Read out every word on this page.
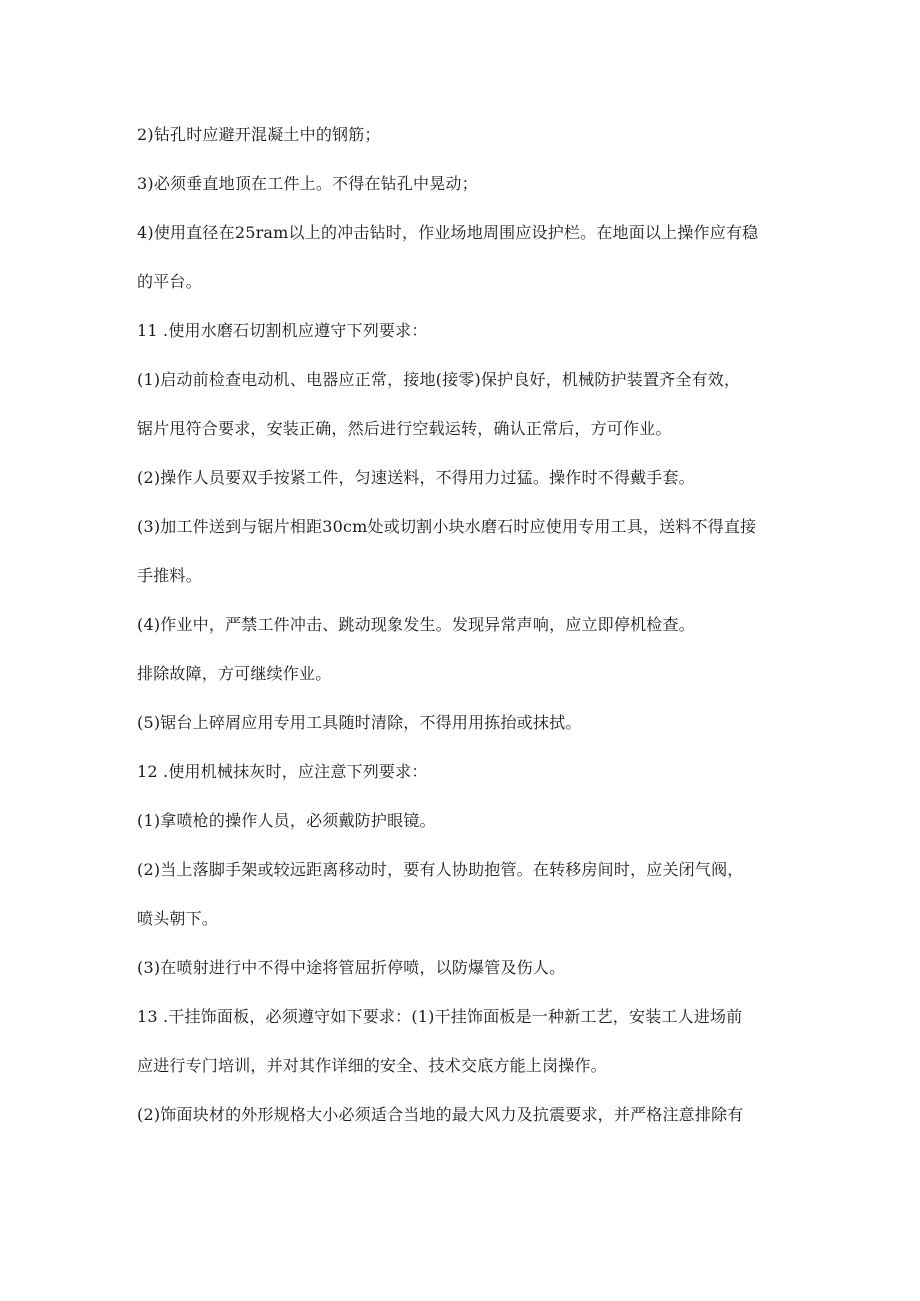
2)钻孔时应避开混凝土中的钢筋；
3)必须垂直地顶在工件上。不得在钻孔中晃动；
4)使用直径在25ram以上的冲击钻时，作业场地周围应设护栏。在地面以上操作应有稳
的平台。
11 .使用水磨石切割机应遵守下列要求：
(1)启动前检查电动机、电器应正常，接地(接零)保护良好，机械防护装置齐全有效，
锯片甩符合要求，安装正确，然后进行空载运转，确认正常后，方可作业。
(2)操作人员要双手按紧工件，匀速送料，不得用力过猛。操作时不得戴手套。
(3)加工件送到与锯片相距30cm处或切割小块水磨石时应使用专用工具，送料不得直接
手推料。
(4)作业中，严禁工件冲击、跳动现象发生。发现异常声响，应立即停机检查。
排除故障，方可继续作业。
(5)锯台上碎屑应用专用工具随时清除，不得用用拣抬或抹拭。
12 .使用机械抹灰时，应注意下列要求：
(1)拿喷枪的操作人员，必须戴防护眼镜。
(2)当上落脚手架或较远距离移动时，要有人协助抱管。在转移房间时，应关闭气阀，
喷头朝下。
(3)在喷射进行中不得中途将管屈折停喷，以防爆管及伤人。
13 .干挂饰面板，必须遵守如下要求：(1)干挂饰面板是一种新工艺，安装工人进场前
应进行专门培训，并对其作详细的安全、技术交底方能上岗操作。
(2)饰面块材的外形规格大小必须适合当地的最大风力及抗震要求，并严格注意排除有
